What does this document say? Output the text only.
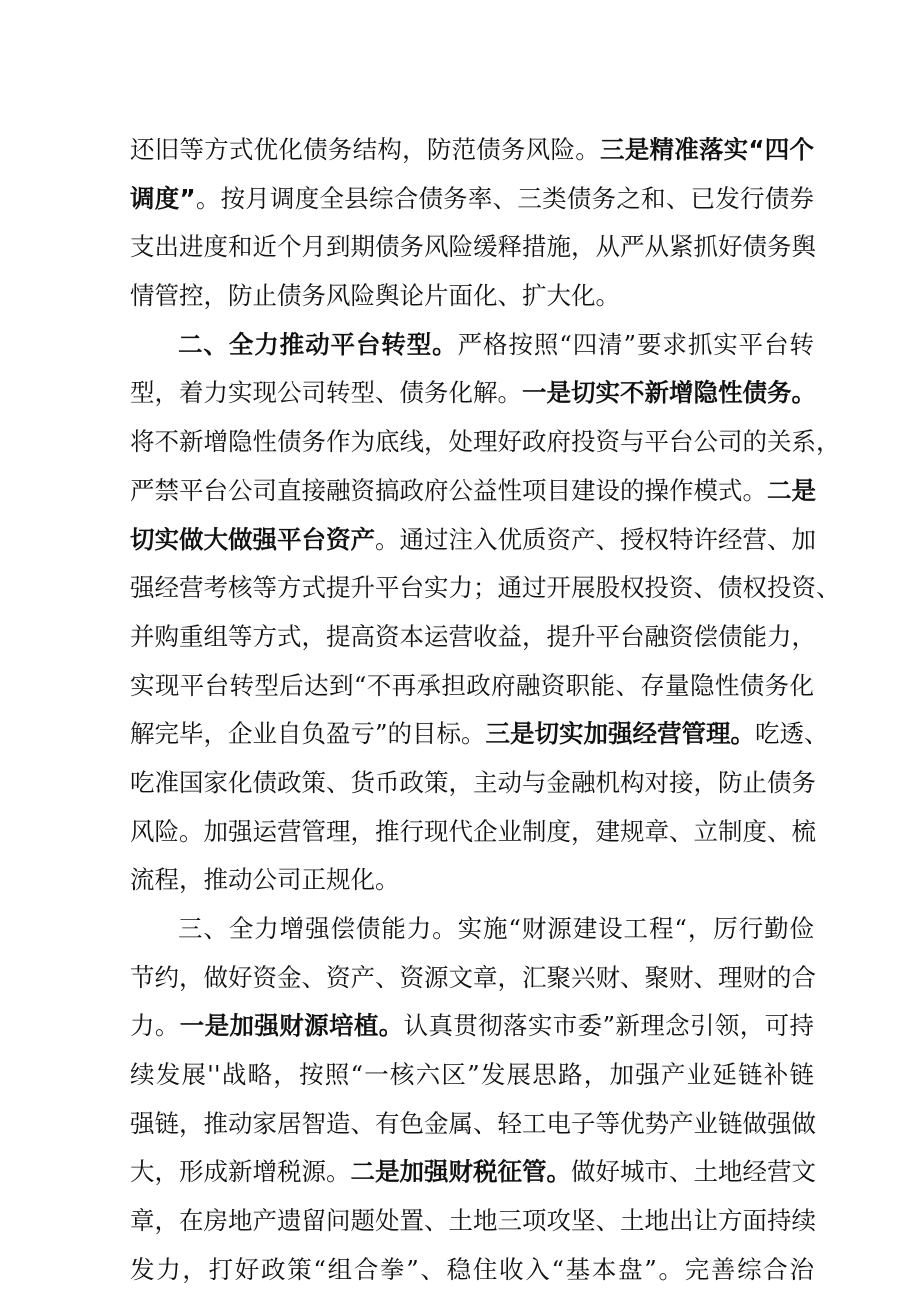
还旧等方式优化债务结构，防范债务风险。三是精准落实“四个
调度”。按月调度全县综合债务率、三类债务之和、已发行债券
支出进度和近个月到期债务风险缓释措施，从严从紧抓好债务舆
情管控，防止债务风险舆论片面化、扩大化。
二、全力推动平台转型。严格按照“四清”要求抓实平台转
型，着力实现公司转型、债务化解。一是切实不新增隐性债务。
将不新增隐性债务作为底线，处理好政府投资与平台公司的关系，
严禁平台公司直接融资搞政府公益性项目建设的操作模式。二是
切实做大做强平台资产。通过注入优质资产、授权特许经营、加
强经营考核等方式提升平台实力；通过开展股权投资、债权投资、
并购重组等方式，提高资本运营收益，提升平台融资偿债能力，
实现平台转型后达到“不再承担政府融资职能、存量隐性债务化
解完毕，企业自负盈亏”的目标。三是切实加强经营管理。吃透、
吃准国家化债政策、货币政策，主动与金融机构对接，防止债务
风险。加强运营管理，推行现代企业制度，建规章、立制度、梳
流程，推动公司正规化。
三、全力增强偿债能力。实施“财源建设工程“，厉行勤俭
节约，做好资金、资产、资源文章，汇聚兴财、聚财、理财的合
力。一是加强财源培植。认真贯彻落实市委”新理念引领，可持
续发展''战略，按照“一核六区”发展思路，加强产业延链补链
强链，推动家居智造、有色金属、轻工电子等优势产业链做强做
大，形成新增税源。二是加强财税征管。做好城市、土地经营文
章，在房地产遗留问题处置、土地三项攻坚、土地出让方面持续
发力，打好政策“组合拳”、稳住收入“基本盘”。完善综合治
